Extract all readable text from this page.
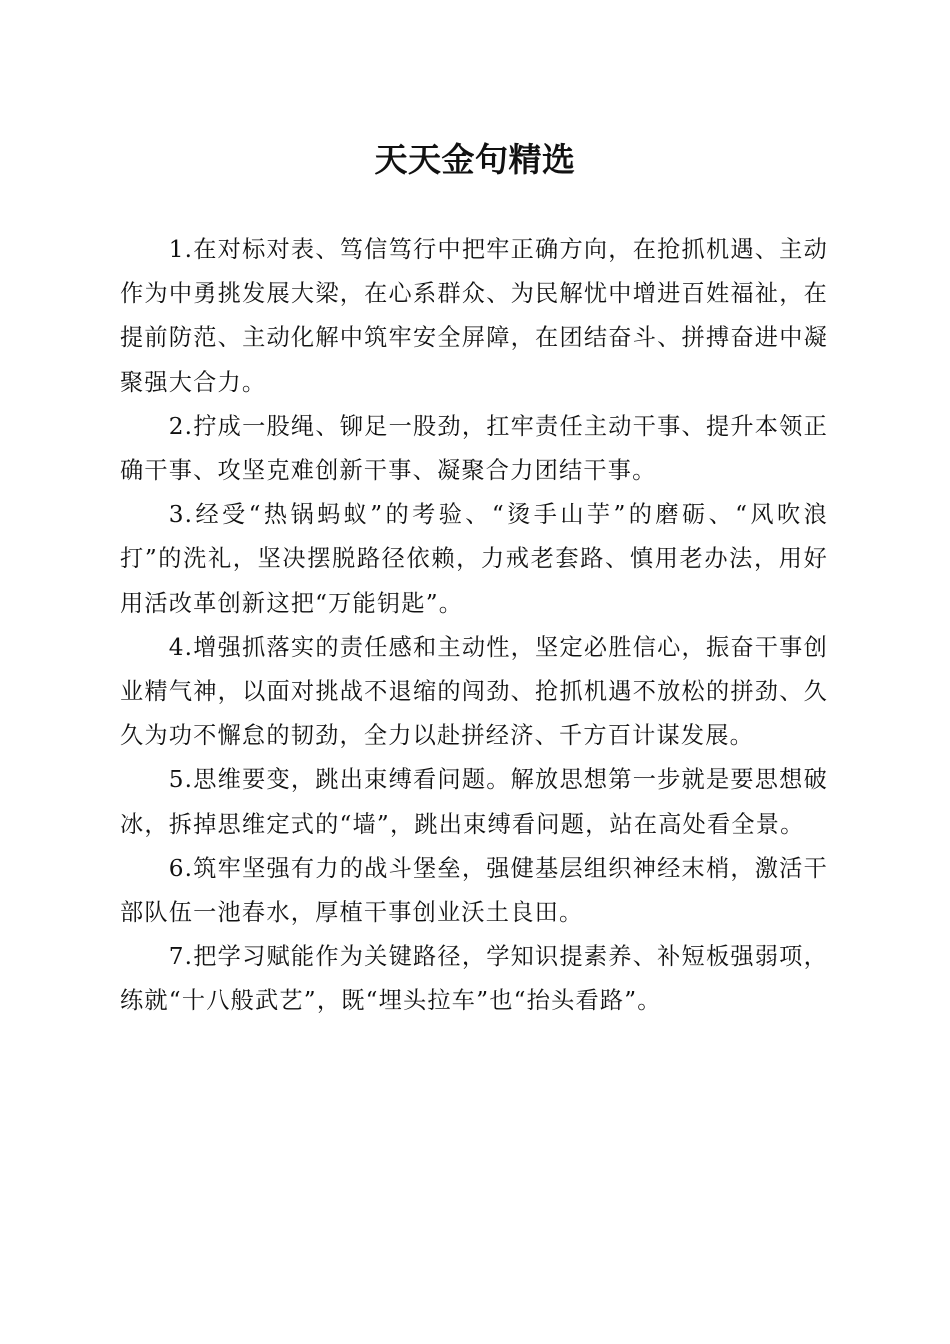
天天金句精选

1.在对标对表、笃信笃行中把牢正确方向，在抢抓机遇、主动作为中勇挑发展大梁，在心系群众、为民解忧中增进百姓福祉，在提前防范、主动化解中筑牢安全屏障，在团结奋斗、拼搏奋进中凝聚强大合力。

2.拧成一股绳、铆足一股劲，扛牢责任主动干事、提升本领正确干事、攻坚克难创新干事、凝聚合力团结干事。

3.经受“热锅蚂蚁”的考验、“烫手山芋”的磨砺、“风吹浪打”的洗礼，坚决摆脱路径依赖，力戒老套路、慎用老办法，用好用活改革创新这把“万能钥匙”。

4.增强抓落实的责任感和主动性，坚定必胜信心，振奋干事创业精气神，以面对挑战不退缩的闯劲、抢抓机遇不放松的拼劲、久久为功不懈怠的韧劲，全力以赴拼经济、千方百计谋发展。

5.思维要变，跳出束缚看问题。解放思想第一步就是要思想破冰，拆掉思维定式的“墙”，跳出束缚看问题，站在高处看全景。

6.筑牢坚强有力的战斗堡垒，强健基层组织神经末梢，激活干部队伍一池春水，厚植干事创业沃土良田。

7.把学习赋能作为关键路径，学知识提素养、补短板强弱项，练就“十八般武艺”，既“埋头拉车”也“抬头看路”。
